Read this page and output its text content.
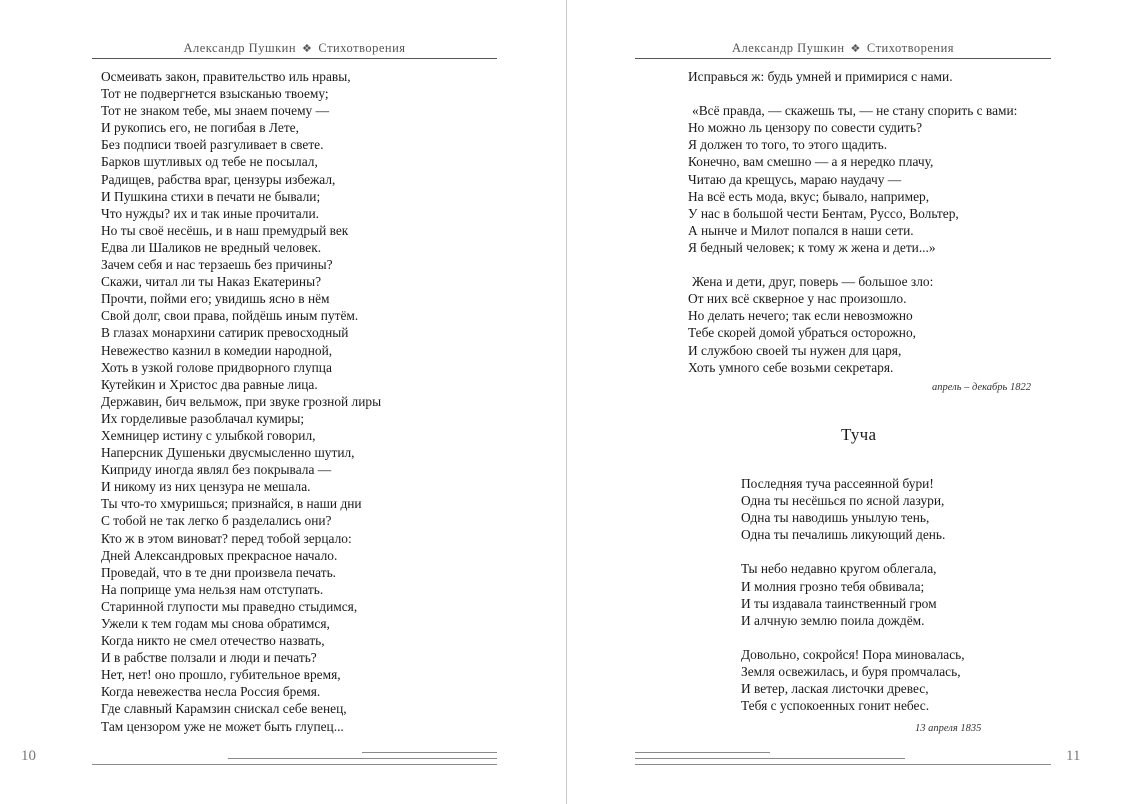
Александр Пушкин ❖ Стихотворения
Осмеивать закон, правительство иль нравы,
Тот не подвергнется взысканью твоему;
Тот не знаком тебе, мы знаем почему —
И рукопись его, не погибая в Лете,
Без подписи твоей разгуливает в свете.
Барков шутливых од тебе не посылал,
Радищев, рабства враг, цензуры избежал,
И Пушкина стихи в печати не бывали;
Что нужды? их и так иные прочитали.
Но ты своё несёшь, и в наш премудрый век
Едва ли Шаликов не вредный человек.
Зачем себя и нас терзаешь без причины?
Скажи, читал ли ты Наказ Екатерины?
Прочти, пойми его; увидишь ясно в нём
Свой долг, свои права, пойдёшь иным путём.
В глазах монархини сатирик превосходный
Невежество казнил в комедии народной,
Хоть в узкой голове придворного глупца
Кутейкин и Христос два равные лица.
Державин, бич вельмож, при звуке грозной лиры
Их горделивые разоблачал кумиры;
Хемницер истину с улыбкой говорил,
Наперсник Душеньки двусмысленно шутил,
Киприду иногда являл без покрывала —
И никому из них цензура не мешала.
Ты что-то хмуришься; признайся, в наши дни
С тобой не так легко б разделались они?
Кто ж в этом виноват? перед тобой зерцало:
Дней Александровых прекрасное начало.
Проведай, что в те дни произвела печать.
На поприще ума нельзя нам отступать.
Старинной глупости мы праведно стыдимся,
Ужели к тем годам мы снова обратимся,
Когда никто не смел отечество назвать,
И в рабстве ползали и люди и печать?
Нет, нет! оно прошло, губительное время,
Когда невежества несла Россия бремя.
Где славный Карамзин снискал себе венец,
Там цензором уже не может быть глупец...
10
Александр Пушкин ❖ Стихотворения
Исправься ж: будь умней и примирися с нами.
«Всё правда, — скажешь ты, — не стану спорить с вами:
Но можно ль цензору по совести судить?
Я должен то того, то этого щадить.
Конечно, вам смешно — а я нередко плачу,
Читаю да крещусь, мараю наудачу —
На всё есть мода, вкус; бывало, например,
У нас в большой чести Бентам, Руссо, Вольтер,
А нынче и Милот попался в наши сети.
Я бедный человек; к тому ж жена и дети...»
Жена и дети, друг, поверь — большое зло:
От них всё скверное у нас произошло.
Но делать нечего; так если невозможно
Тебе скорей домой убраться осторожно,
И службою своей ты нужен для царя,
Хоть умного себе возьми секретаря.
апрель – декабрь 1822
Туча
Последняя туча рассеянной бури!
Одна ты несёшься по ясной лазури,
Одна ты наводишь унылую тень,
Одна ты печалишь ликующий день.
Ты небо недавно кругом облегала,
И молния грозно тебя обвивала;
И ты издавала таинственный гром
И алчную землю поила дождём.
Довольно, сокройся! Пора миновалась,
Земля освежилась, и буря промчалась,
И ветер, лаская листочки древес,
Тебя с успокоенных гонит небес.
13 апреля 1835
11
